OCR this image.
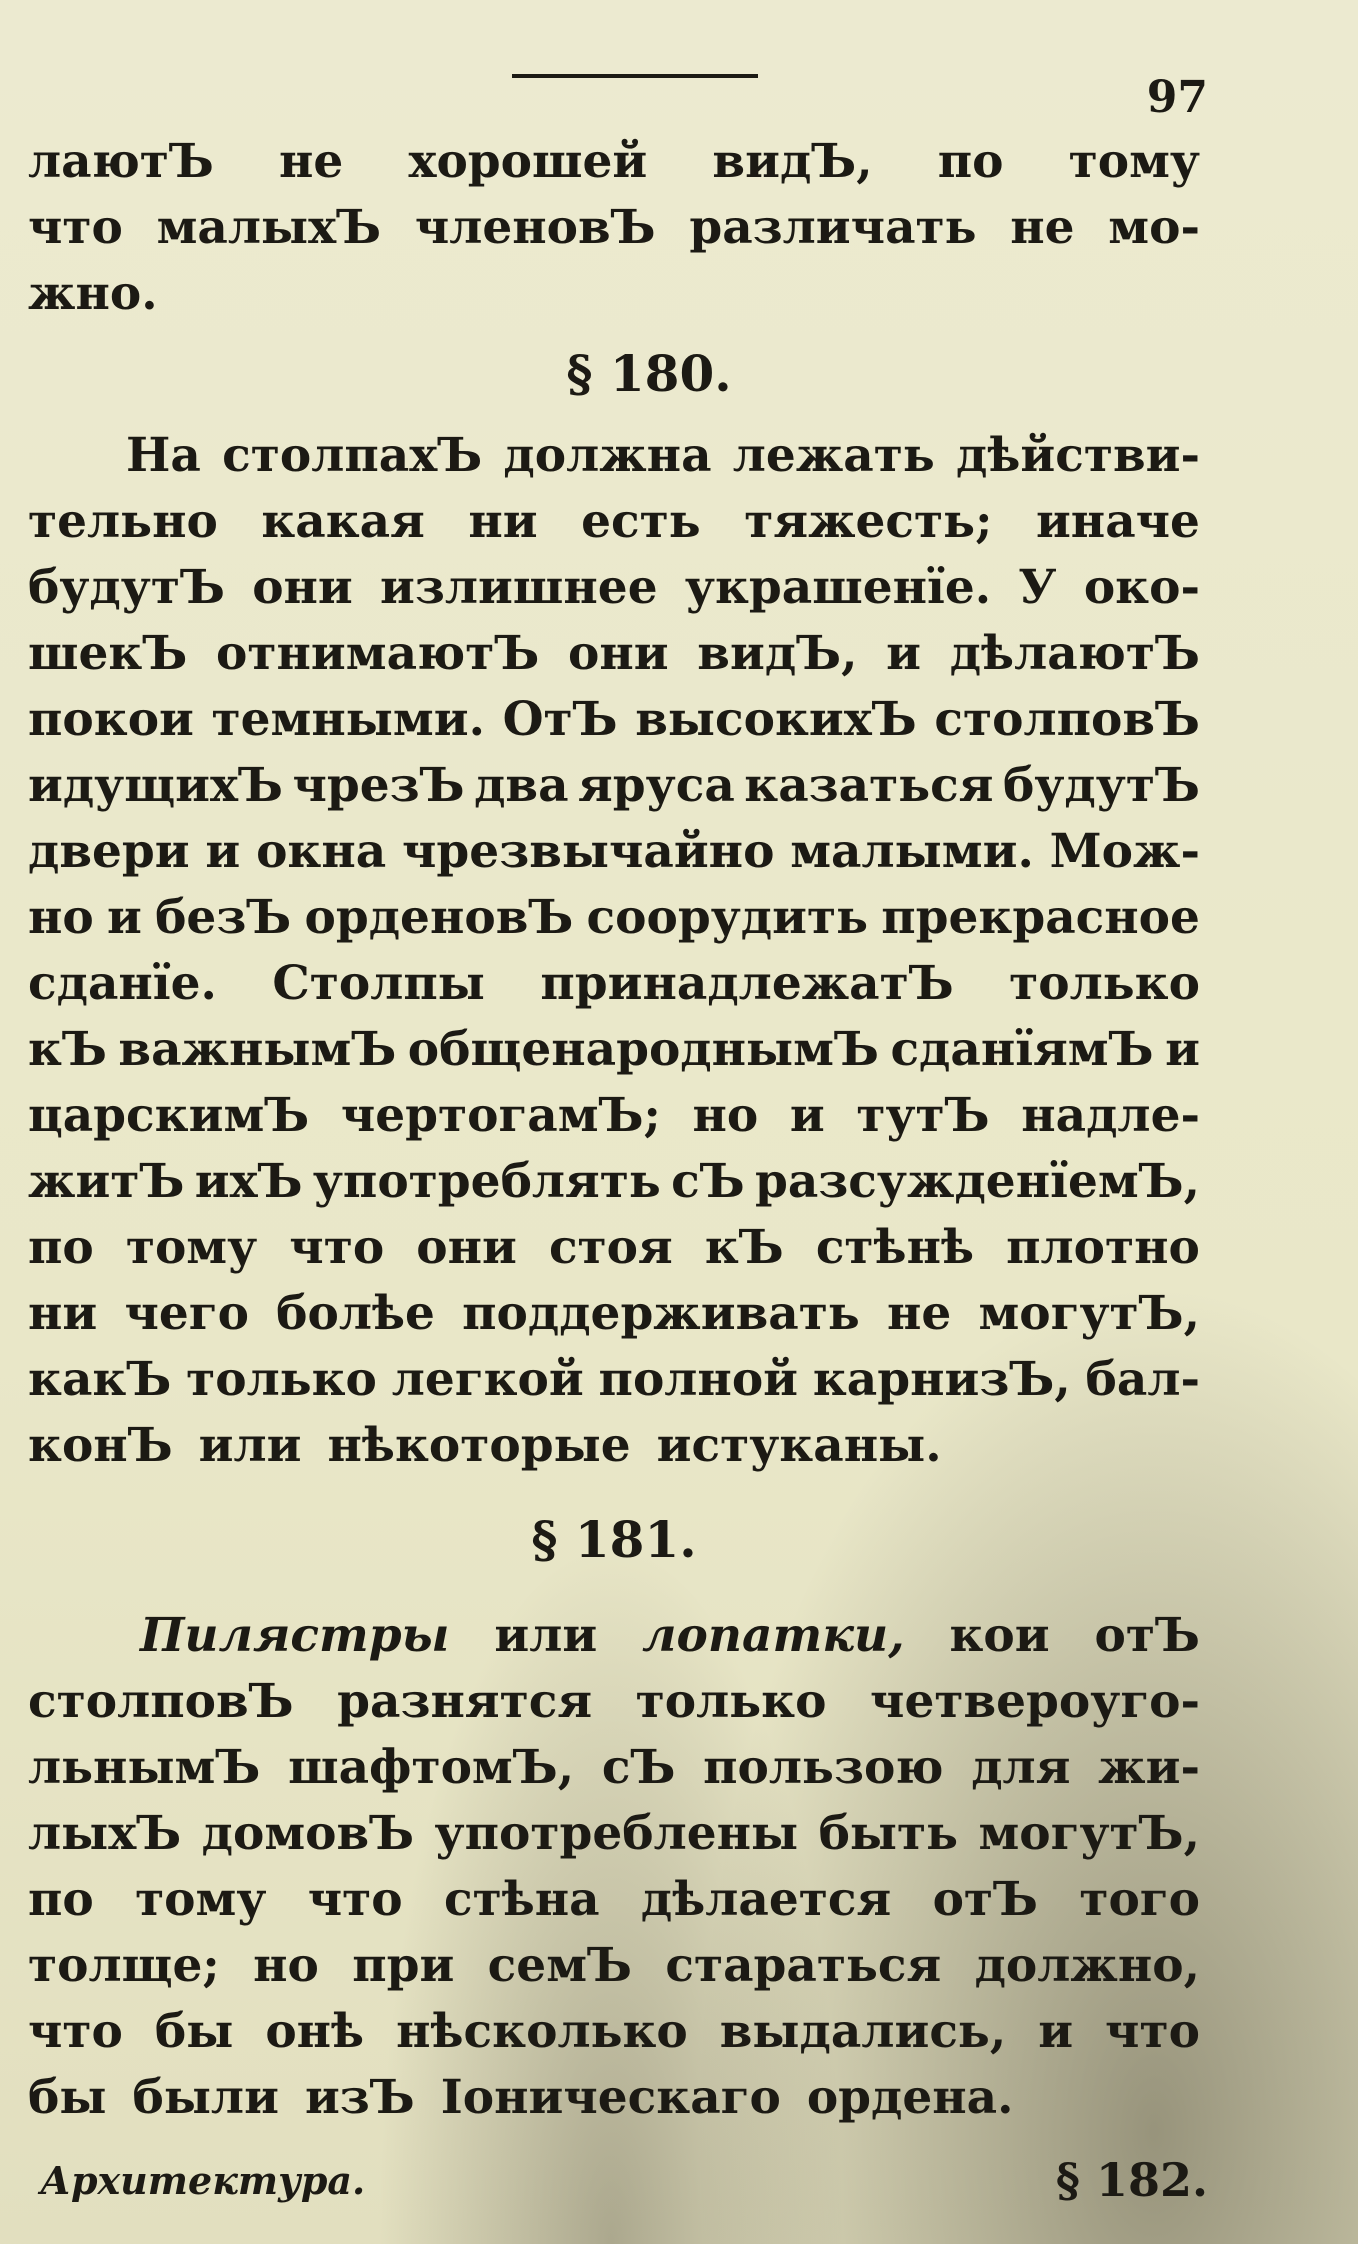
97
лаютЪ не хорошей видЪ, по тому
что малыхЪ членовЪ различать не мо-
жно.
§ 180.
На столпахЪ должна лежать дѣйстви-
тельно какая ни есть тяжесть; иначе
будутЪ они излишнее украшенїе. У око-
шекЪ отнимаютЪ они видЪ, и дѣлаютЪ
покои темными. ОтЪ высокихЪ столповЪ
идущихЪ чрезЪ два яруса казаться будутЪ
двери и окна чрезвычайно малыми. Мож-
но и безЪ орденовЪ соорудить прекрасное
сданїе. Столпы принадлежатЪ только
кЪ важнымЪ общенароднымЪ сданїямЪ и
царскимЪ чертогамЪ; но и тутЪ надле-
житЪ ихЪ употреблять сЪ разсужденїемЪ,
по тому что они стоя кЪ стѣнѣ плотно
ни чего болѣе поддерживать не могутЪ,
какЪ только легкой полной карнизЪ, бал-
конЪ или нѣкоторые истуканы.
§ 181.
Пилястры или лопатки, кои отЪ
столповЪ разнятся только четвероуго-
льнымЪ шафтомЪ, сЪ пользою для жи-
лыхЪ домовЪ употреблены быть могутЪ,
по тому что стѣна дѣлается отЪ того
толще; но при семЪ стараться должно,
что бы онѣ нѣсколько выдались, и что
бы были изЪ Іоническаго ордена.
Архитектура.	§ 182.
